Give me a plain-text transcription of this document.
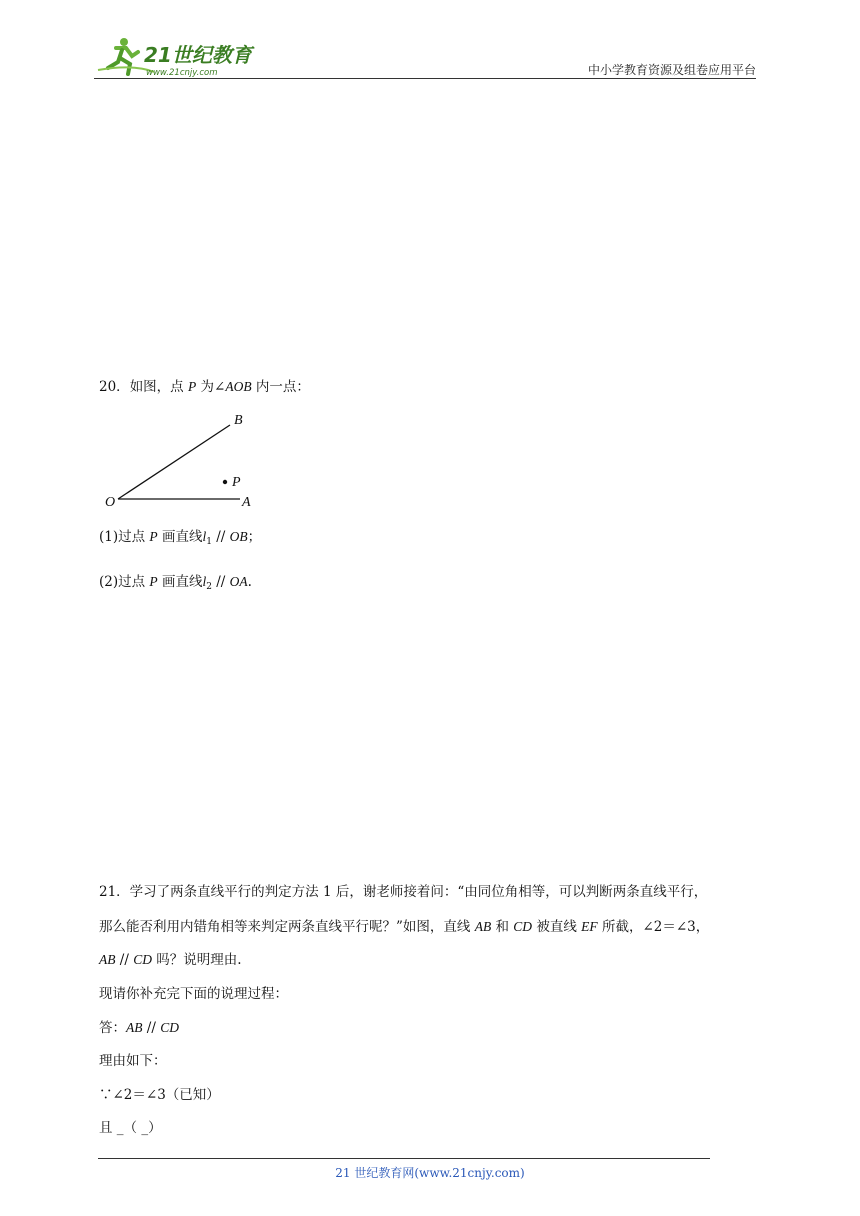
21世纪教育
www.21cnjy.com	中小学教育资源及组卷应用平台
20．如图，点 P 为∠AOB 内一点：
B
P
O	A
(1)过点 P 画直线$l_1$ // OB；
(2)过点 P 画直线$l_2$ // OA.
21．学习了两条直线平行的判定方法 1 后，谢老师接着问：“由同位角相等，可以判断两条直线平行，
那么能否利用内错角相等来判定两条直线平行呢？”如图，直线 AB 和 CD 被直线 EF 所截，∠2＝∠3，
AB // CD 吗？说明理由.
现请你补充完下面的说理过程：
答：AB // CD
理由如下：
∵∠2＝∠3（已知）
且 _（ _）
21 世纪教育网(www.21cnjy.com)
